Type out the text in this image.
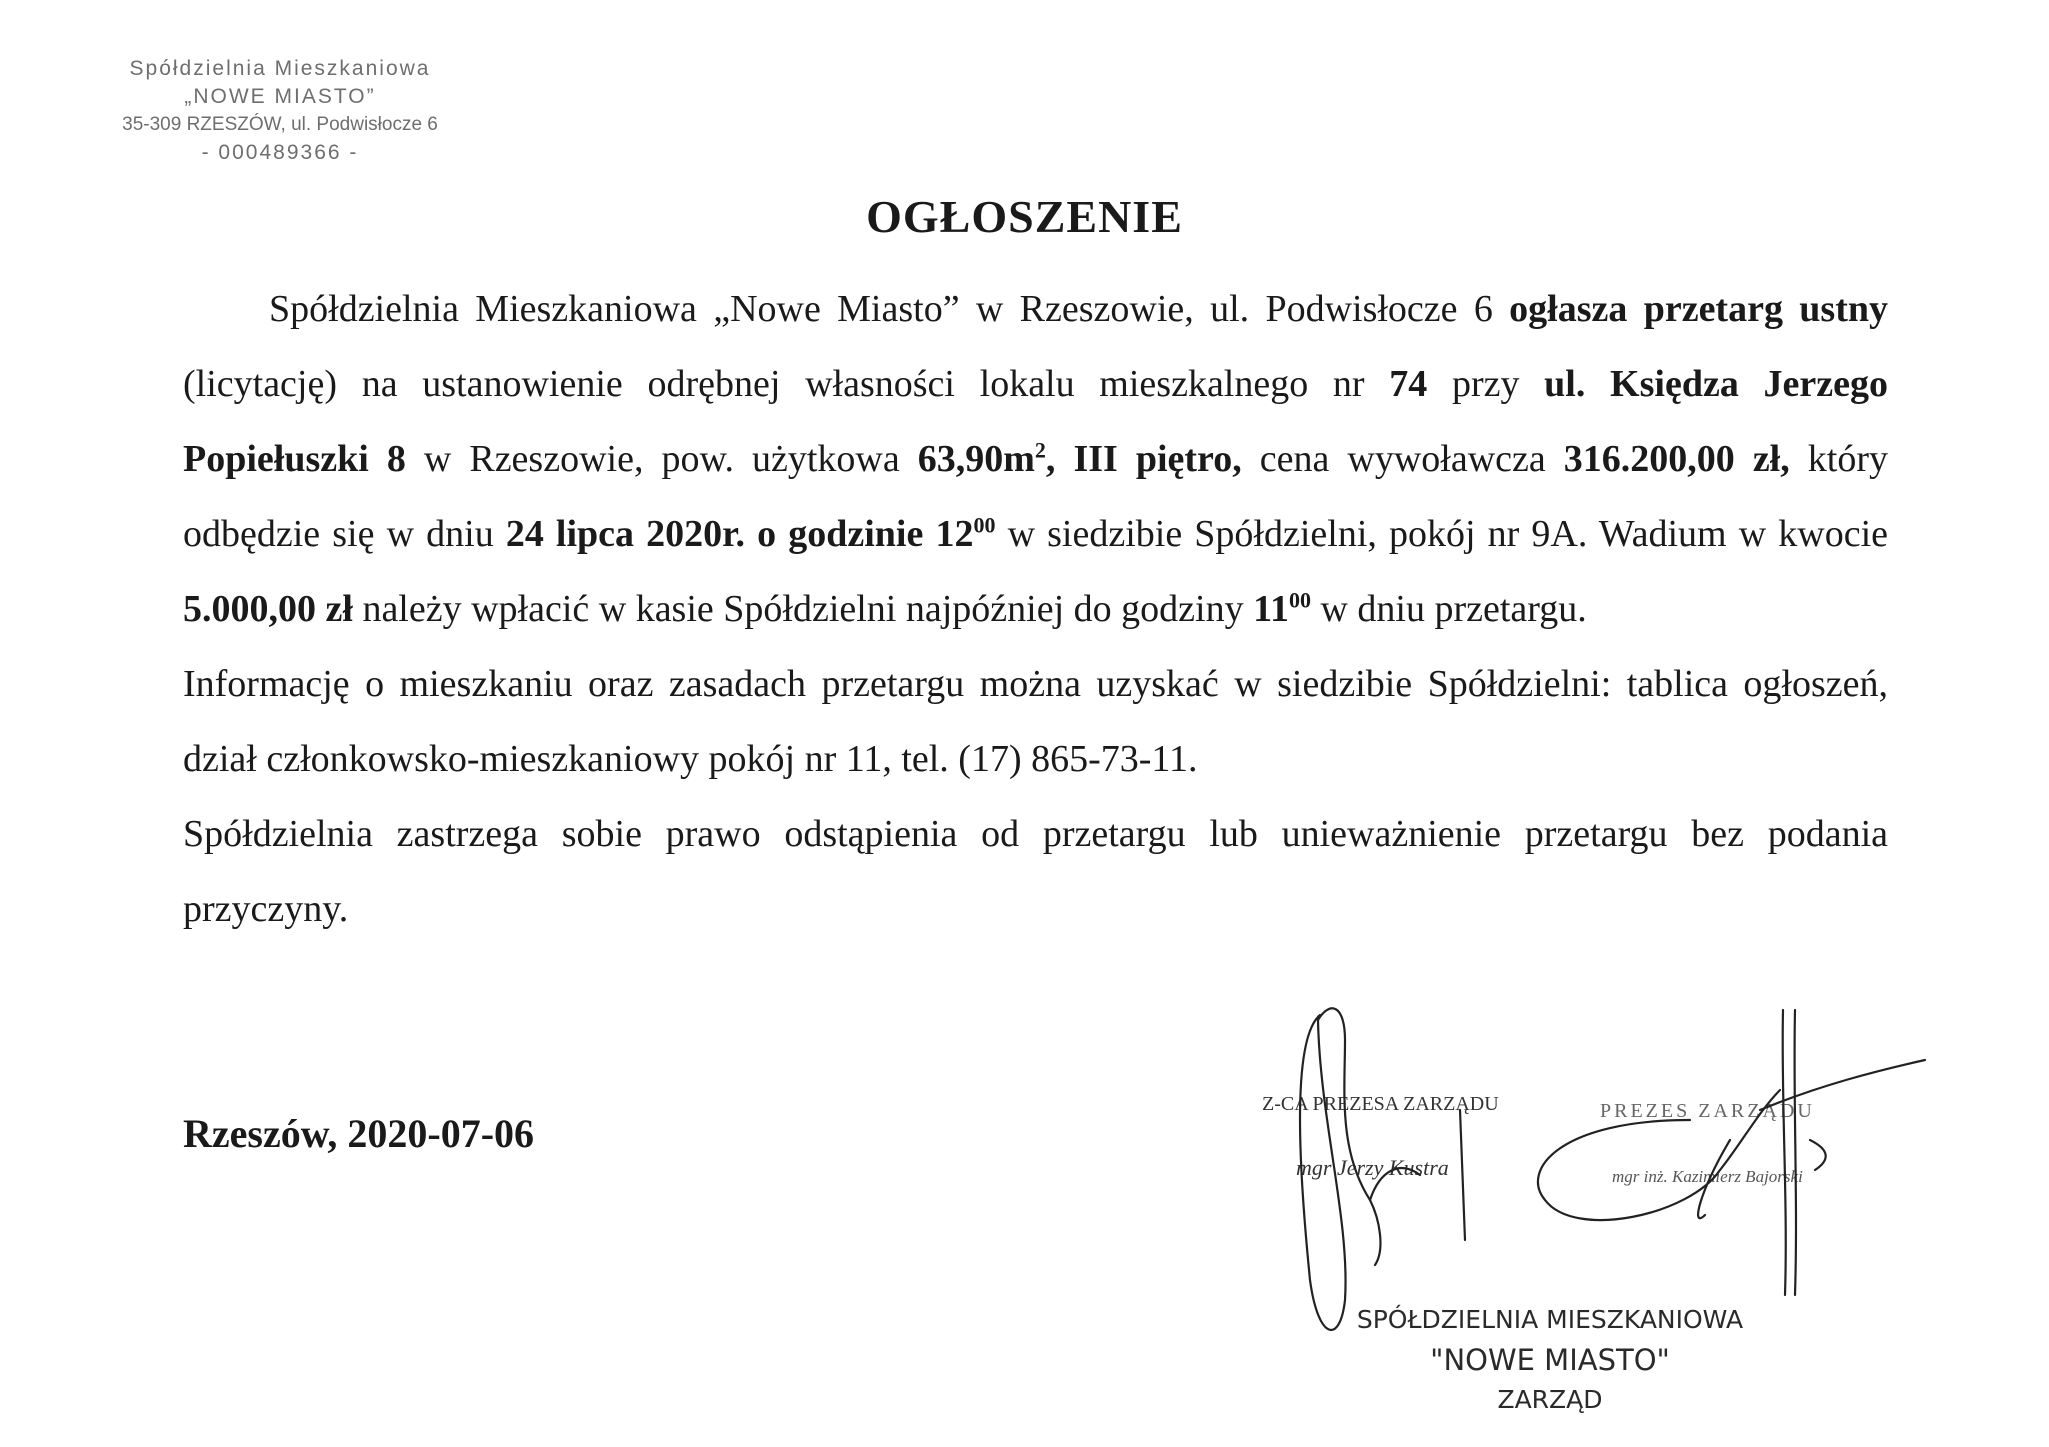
Spółdzielnia Mieszkaniowa
„NOWE MIASTO”
35-309 RZESZÓW, ul. Podwisłocze 6
- 000489366 -
OGŁOSZENIE

Spółdzielnia Mieszkaniowa „Nowe Miasto” w Rzeszowie, ul. Podwisłocze 6 ogłasza przetarg ustny (licytację) na ustanowienie odrębnej własności lokalu mieszkalnego nr 74 przy ul. Księdza Jerzego Popiełuszki 8 w Rzeszowie, pow. użytkowa $63,90m^2$, III piętro, cena wywoławcza 316.200,00 zł, który odbędzie się w dniu 24 lipca 2020r. o godzinie $12^{00}$ w siedzibie Spółdzielni, pokój nr 9A. Wadium w kwocie 5.000,00 zł należy wpłacić w kasie Spółdzielni najpóźniej do godziny $11^{00}$ w dniu przetargu.

Informację o mieszkaniu oraz zasadach przetargu można uzyskać w siedzibie Spółdzielni: tablica ogłoszeń, dział członkowsko-mieszkaniowy pokój nr 11, tel. (17) 865-73-11.

Spółdzielnia zastrzega sobie prawo odstąpienia od przetargu lub unieważnienie przetargu bez podania przyczyny.

Rzeszów, 2020-07-06
Z-CA PREZESA ZARZĄDU
mgr Jerzy Kustra
PREZES ZARZĄDU
mgr inż. Kazimierz Bajorski
SPÓŁDZIELNIA MIESZKANIOWA
"NOWE MIASTO"
ZARZĄD
